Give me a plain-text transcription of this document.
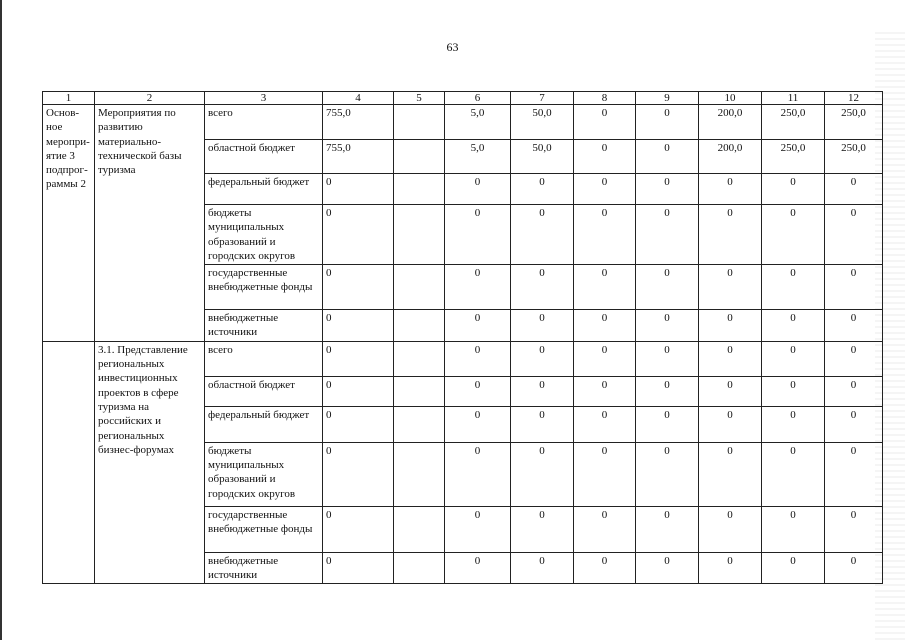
63
1	2	3	4	5	6	7	8	9	10	11	12
Основ-ное меропри-ятие 3 подпрог-раммы 2	Мероприятия по развитию материально-технической базы туризма	всего	755,0		5,0	50,0	0	0	200,0	250,0	250,0
		областной бюджет	755,0		5,0	50,0	0	0	200,0	250,0	250,0
		федеральный бюджет	0		0	0	0	0	0	0	0
		бюджеты муниципальных образований и городских округов	0		0	0	0	0	0	0	0
		государственные внебюджетные фонды	0		0	0	0	0	0	0	0
		внебюджетные источники	0		0	0	0	0	0	0	0
	3.1. Представление региональных инвестиционных проектов в сфере туризма на российских и региональных бизнес-форумах	всего	0		0	0	0	0	0	0	0
		областной бюджет	0		0	0	0	0	0	0	0
		федеральный бюджет	0		0	0	0	0	0	0	0
		бюджеты муниципальных образований и городских округов	0		0	0	0	0	0	0	0
		государственные внебюджетные фонды	0		0	0	0	0	0	0	0
		внебюджетные источники	0		0	0	0	0	0	0	0
